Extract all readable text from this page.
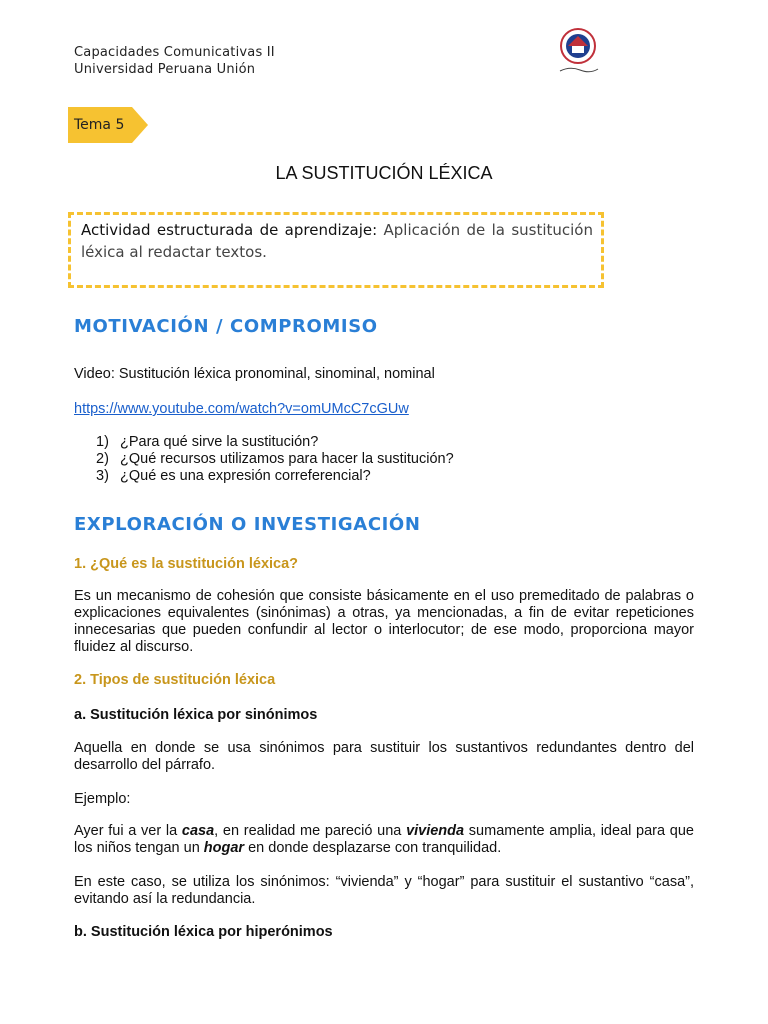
Capacidades Comunicativas II
Universidad Peruana Unión
Tema 5
LA SUSTITUCIÓN LÉXICA
Actividad estructurada de aprendizaje: Aplicación de la sustitución léxica al redactar textos.
MOTIVACIÓN / COMPROMISO
Video: Sustitución léxica pronominal, sinominal, nominal
https://www.youtube.com/watch?v=omUMcC7cGUw
1) ¿Para qué sirve la sustitución?
2) ¿Qué recursos utilizamos para hacer la sustitución?
3) ¿Qué es una expresión correferencial?
EXPLORACIÓN O INVESTIGACIÓN
1. ¿Qué es la sustitución léxica?
Es un mecanismo de cohesión que consiste básicamente en el uso premeditado de palabras o explicaciones equivalentes (sinónimas) a otras, ya mencionadas, a fin de evitar repeticiones innecesarias que pueden confundir al lector o interlocutor; de ese modo, proporciona mayor fluidez al discurso.
2. Tipos de sustitución léxica
a. Sustitución léxica por sinónimos
Aquella en donde se usa sinónimos para sustituir los sustantivos redundantes dentro del desarrollo del párrafo.
Ejemplo:
Ayer fui a ver la casa, en realidad me pareció una vivienda sumamente amplia, ideal para que los niños tengan un hogar en donde desplazarse con tranquilidad.
En este caso, se utiliza los sinónimos: “vivienda” y “hogar” para sustituir el sustantivo “casa”, evitando así la redundancia.
b. Sustitución léxica por hiperónimos
